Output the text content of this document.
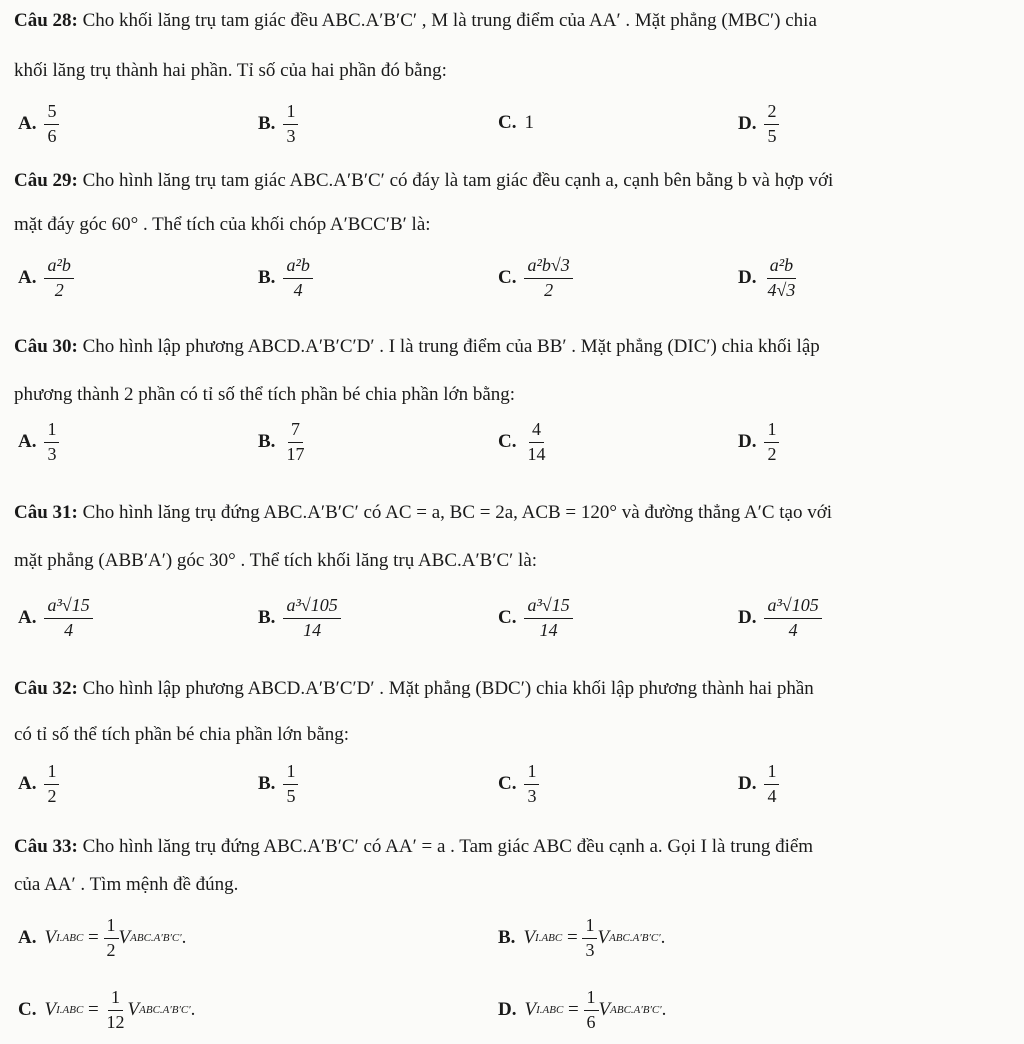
Câu 28: Cho khối lăng trụ tam giác đều ABC.A′B′C′ , M là trung điểm của AA′ . Mặt phẳng (MBC′) chia
khối lăng trụ thành hai phần. Tỉ số của hai phần đó bằng:
A. $\frac{5}{6}$	B. $\frac{1}{3}$	C. 1	D. $\frac{2}{5}$
Câu 29: Cho hình lăng trụ tam giác ABC.A′B′C′ có đáy là tam giác đều cạnh a, cạnh bên bằng b và hợp với
mặt đáy góc 60° . Thể tích của khối chóp A′BCC′B′ là:
A. $\frac{\text{a²b}}{2}$	B. $\frac{\text{a²b}}{4}$	C. $\frac{\text{a²b√3}}{2}$	D. $\frac{\text{a²b}}{4√3}$
Câu 30: Cho hình lập phương ABCD.A′B′C′D′ . I là trung điểm của BB′ . Mặt phẳng (DIC′) chia khối lập
phương thành 2 phần có tỉ số thể tích phần bé chia phần lớn bằng:
A. $\frac{1}{3}$	B. $\frac{7}{17}$	C. $\frac{4}{14}$	D. $\frac{1}{2}$
Câu 31: Cho hình lăng trụ đứng ABC.A′B′C′ có AC = a, BC = 2a, ACB = 120° và đường thẳng A′C tạo với
mặt phẳng (ABB′A′) góc 30° . Thể tích khối lăng trụ ABC.A′B′C′ là:
A. $\frac{\text{a³√15}}{4}$	B. $\frac{\text{a³√105}}{14}$	C. $\frac{\text{a³√15}}{14}$	D. $\frac{\text{a³√105}}{4}$
Câu 32: Cho hình lập phương ABCD.A′B′C′D′ . Mặt phẳng (BDC′) chia khối lập phương thành hai phần
có tỉ số thể tích phần bé chia phần lớn bằng:
A. $\frac{1}{2}$	B. $\frac{1}{5}$	C. $\frac{1}{3}$	D. $\frac{1}{4}$
Câu 33: Cho hình lăng trụ đứng ABC.A′B′C′ có AA′ = a . Tam giác ABC đều cạnh a. Gọi I là trung điểm
của AA′ . Tìm mệnh đề đúng.
A. V I.ABC
=
$\frac{1}{2}$ V ABC.A′B′C′ .	B. V I.ABC
=
$\frac{1}{3}$ V ABC.A′B′C′ .
C. V I.ABC
=
$\frac{1}{12}$ V ABC.A′B′C′ .	D. V I.ABC
=
$\frac{1}{6}$ V ABC.A′B′C′ .
